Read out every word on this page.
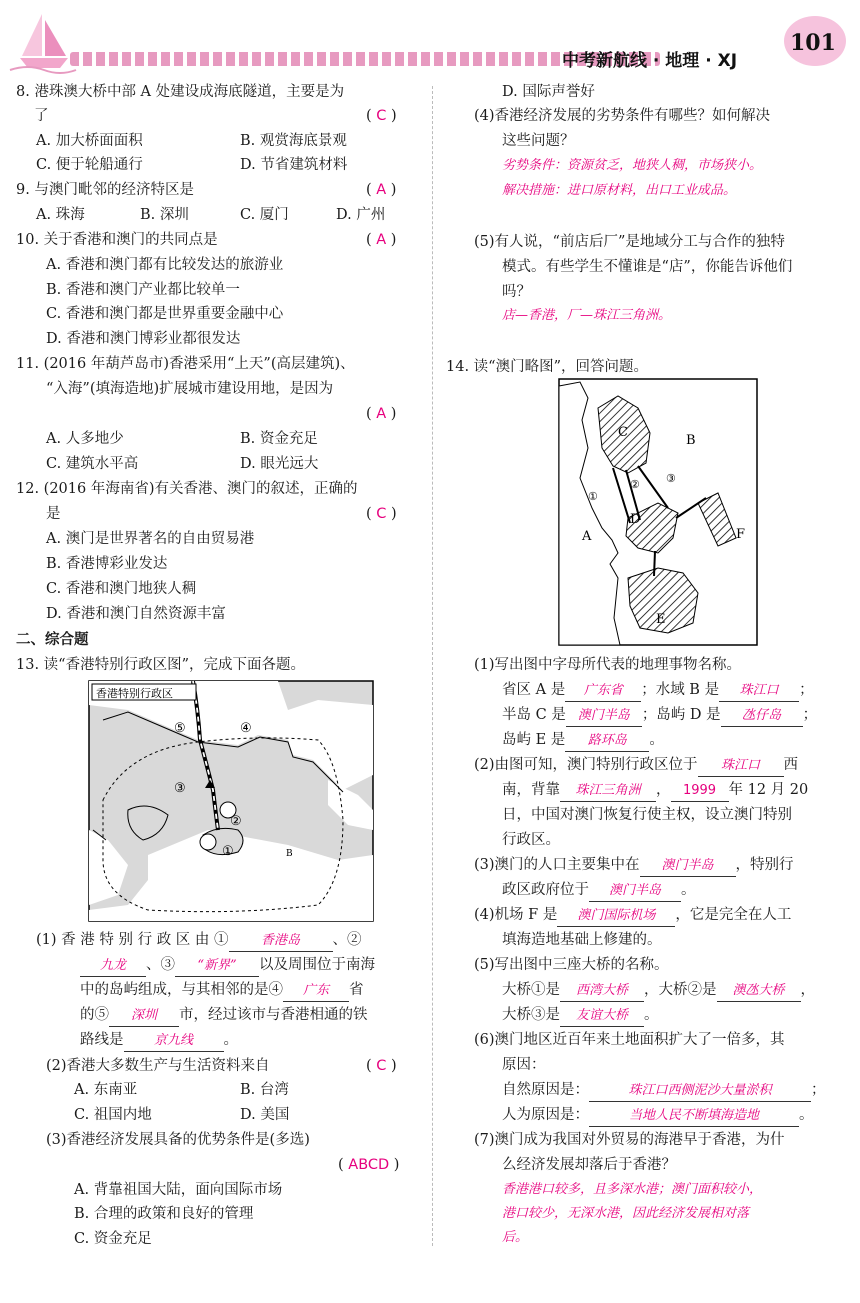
中考新航线 · 地理 · XJ
101
8. 港珠澳大桥中部 A 处建设成海底隧道，主要是为
了	( C )
A. 加大桥面面积	B. 观赏海底景观
C. 便于轮船通行	D. 节省建筑材料
9. 与澳门毗邻的经济特区是	( A )
A. 珠海	B. 深圳	C. 厦门	D. 广州
10. 关于香港和澳门的共同点是	( A )
A. 香港和澳门都有比较发达的旅游业
B. 香港和澳门产业都比较单一
C. 香港和澳门都是世界重要金融中心
D. 香港和澳门博彩业都很发达
11. (2016 年葫芦岛市)香港采用“上天”(高层建筑)、
“入海”(填海造地)扩展城市建设用地，是因为
( A )
A. 人多地少	B. 资金充足
C. 建筑水平高	D. 眼光远大
12. (2016 年海南省)有关香港、澳门的叙述，正确的
是	( C )
A. 澳门是世界著名的自由贸易港
B. 香港博彩业发达
C. 香港和澳门地狭人稠
D. 香港和澳门自然资源丰富
二、综合题
13. 读“香港特别行政区图”，完成下面各题。
香港特别行政区
④
⑤
③
②
①	B
(1) 香 港 特 别 行 政 区 由 ① 香港岛 、②
九龙 、③ “新界” 以及周围位于南海
中的岛屿组成，与其相邻的是④ 广东 省
的⑤ 深圳 市，经过该市与香港相通的铁
路线是 京九线 。
(2)香港大多数生产与生活资料来自	( C )
A. 东南亚	B. 台湾
C. 祖国内地	D. 美国
(3)香港经济发展具备的优势条件是(多选)
( ABCD )
A. 背靠祖国大陆，面向国际市场
B. 合理的政策和良好的管理
C. 资金充足
D. 国际声誉好
(4)香港经济发展的劣势条件有哪些？如何解决
这些问题？
劣势条件：资源贫乏，地狭人稠，市场狭小。
解决措施：进口原材料，出口工业成品。
(5)有人说，“前店后厂”是地域分工与合作的独特
模式。有些学生不懂谁是“店”，你能告诉他们
吗？
店—香港，厂—珠江三角洲。
14. 读“澳门略图”，回答问题。
C
B
A
D
F
E
①
② ③
(1)写出图中字母所代表的地理事物名称。
省区 A 是 广东省 ；水域 B 是 珠江口 ；
半岛 C 是 澳门半岛 ；岛屿 D 是 氹仔岛 ；
岛屿 E 是 路环岛 。
(2)由图可知，澳门特别行政区位于 珠江口 西
南，背靠 珠江三角洲 ， 1999 年 12 月 20
日，中国对澳门恢复行使主权，设立澳门特别
行政区。
(3)澳门的人口主要集中在 澳门半岛 ，特别行
政区政府位于 澳门半岛 。
(4)机场 F 是 澳门国际机场 ，它是完全在人工
填海造地基础上修建的。
(5)写出图中三座大桥的名称。
大桥①是 西湾大桥 ，大桥②是 澳氹大桥 ，
大桥③是 友谊大桥 。
(6)澳门地区近百年来土地面积扩大了一倍多，其
原因：
自然原因是：	珠江口西侧泥沙大量淤积	；
人为原因是：	当地人民不断填海造地	。
(7)澳门成为我国对外贸易的海港早于香港，为什
么经济发展却落后于香港？
香港港口较多，且多深水港；澳门面积较小，
港口较少，无深水港，因此经济发展相对落
后。
